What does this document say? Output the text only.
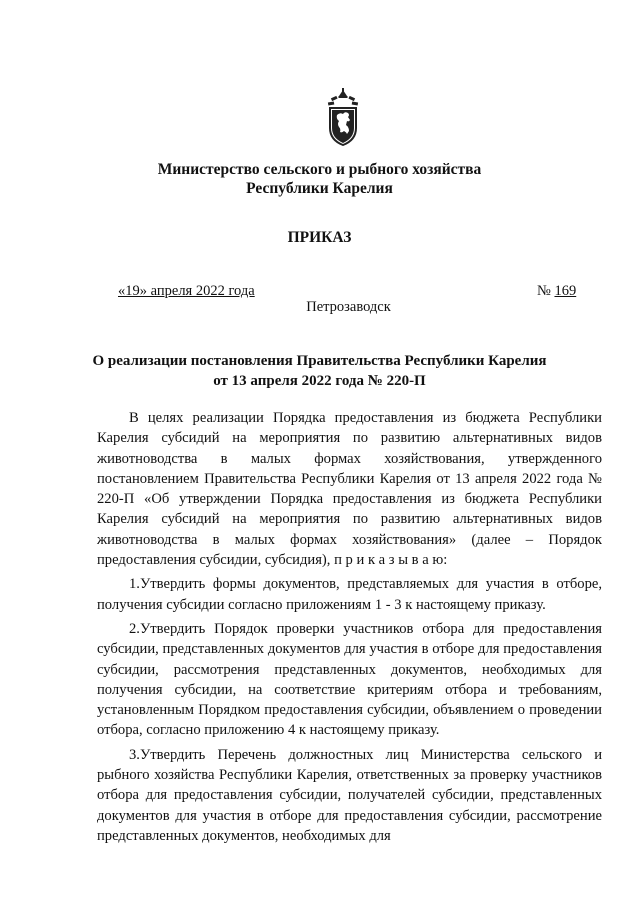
Министерство сельского и рыбного хозяйства
Республики Карелия
ПРИКАЗ
«19» апреля 2022 года	№ 169
Петрозаводск
О реализации постановления Правительства Республики Карелия
от 13 апреля 2022 года № 220-П

В целях реализации Порядка предоставления из бюджета Республики Карелия субсидий на мероприятия по развитию альтернативных видов животноводства в малых формах хозяйствования, утвержденного постановлением Правительства Республики Карелия от 13 апреля 2022 года № 220-П «Об утверждении Порядка предоставления из бюджета Республики Карелия субсидий на мероприятия по развитию альтернативных видов животноводства в малых формах хозяйствования» (далее – Порядок предоставления субсидии, субсидия), п р и к а з ы в а ю:

1.Утвердить формы документов, представляемых для участия в отборе, получения субсидии согласно приложениям 1 - 3 к настоящему приказу.

2.Утвердить Порядок проверки участников отбора для предоставления субсидии, представленных документов для участия в отборе для предоставления субсидии, рассмотрения представленных документов, необходимых для получения субсидии, на соответствие критериям отбора и требованиям, установленным Порядком предоставления субсидии, объявлением о проведении отбора, согласно приложению 4 к настоящему приказу.

3.Утвердить Перечень должностных лиц Министерства сельского и рыбного хозяйства Республики Карелия, ответственных за проверку участников отбора для предоставления субсидии, получателей субсидии, представленных документов для участия в отборе для предоставления субсидии, рассмотрение представленных документов, необходимых для
